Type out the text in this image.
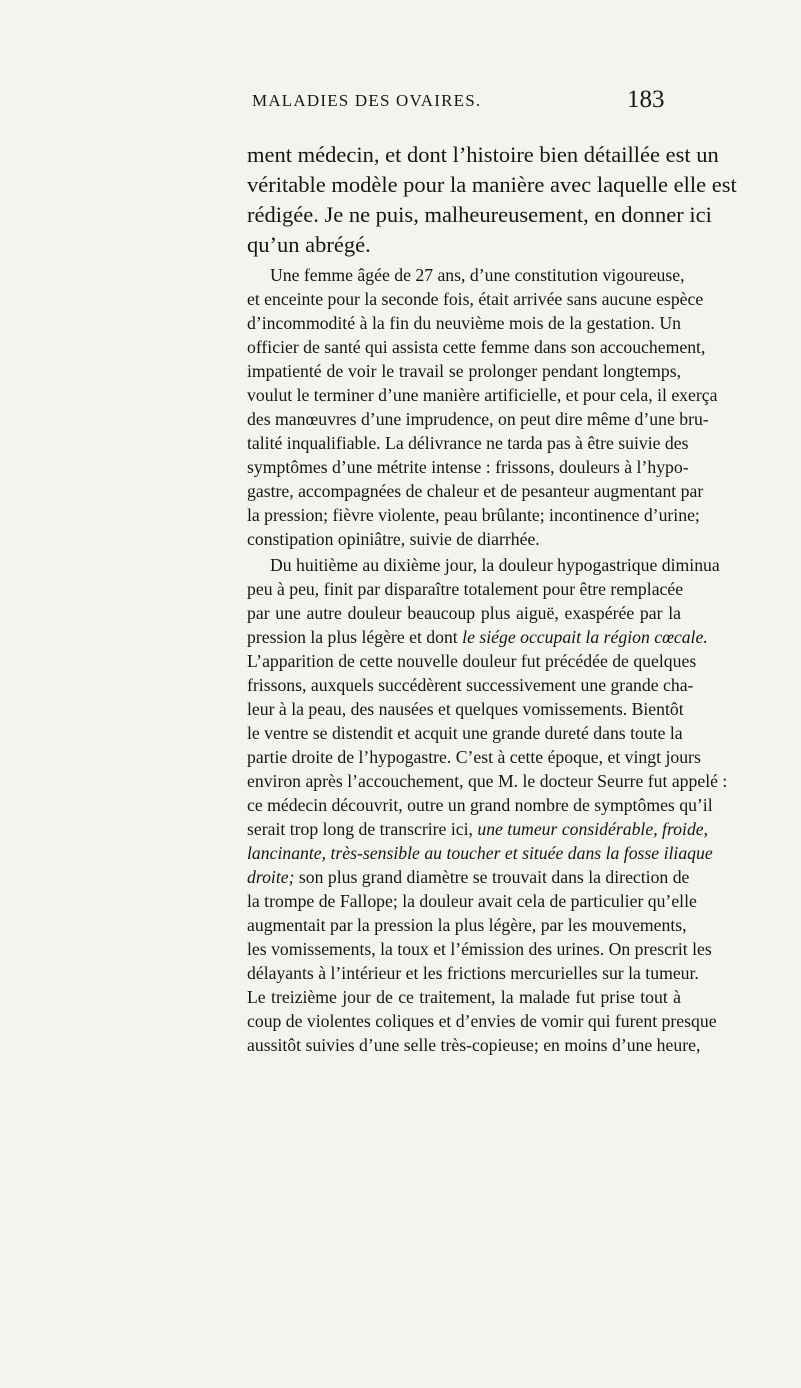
MALADIES DES OVAIRES.	183
ment médecin, et dont l’histoire bien détaillée est un
véritable modèle pour la manière avec laquelle elle est
rédigée. Je ne puis, malheureusement, en donner ici
qu’un abrégé.
Une femme âgée de 27 ans, d’une constitution vigoureuse,
et enceinte pour la seconde fois, était arrivée sans aucune espèce
d’incommodité à la fin du neuvième mois de la gestation. Un
officier de santé qui assista cette femme dans son accouchement,
impatienté de voir le travail se prolonger pendant longtemps,
voulut le terminer d’une manière artificielle, et pour cela, il exerça
des manœuvres d’une imprudence, on peut dire même d’une bru-
talité inqualifiable. La délivrance ne tarda pas à être suivie des
symptômes d’une métrite intense : frissons, douleurs à l’hypo-
gastre, accompagnées de chaleur et de pesanteur augmentant par
la pression; fièvre violente, peau brûlante; incontinence d’urine;
constipation opiniâtre, suivie de diarrhée.
Du huitième au dixième jour, la douleur hypogastrique diminua
peu à peu, finit par disparaître totalement pour être remplacée
par une autre douleur beaucoup plus aiguë, exaspérée par la
pression la plus légère et dont le siége occupait la région cœcale.
L’apparition de cette nouvelle douleur fut précédée de quelques
frissons, auxquels succédèrent successivement une grande cha-
leur à la peau, des nausées et quelques vomissements. Bientôt
le ventre se distendit et acquit une grande dureté dans toute la
partie droite de l’hypogastre. C’est à cette époque, et vingt jours
environ après l’accouchement, que M. le docteur Seurre fut appelé :
ce médecin découvrit, outre un grand nombre de symptômes qu’il
serait trop long de transcrire ici, une tumeur considérable, froide,
lancinante, très-sensible au toucher et située dans la fosse iliaque
droite; son plus grand diamètre se trouvait dans la direction de
la trompe de Fallope; la douleur avait cela de particulier qu’elle
augmentait par la pression la plus légère, par les mouvements,
les vomissements, la toux et l’émission des urines. On prescrit les
délayants à l’intérieur et les frictions mercurielles sur la tumeur.
Le treizième jour de ce traitement, la malade fut prise tout à
coup de violentes coliques et d’envies de vomir qui furent presque
aussitôt suivies d’une selle très-copieuse; en moins d’une heure,
